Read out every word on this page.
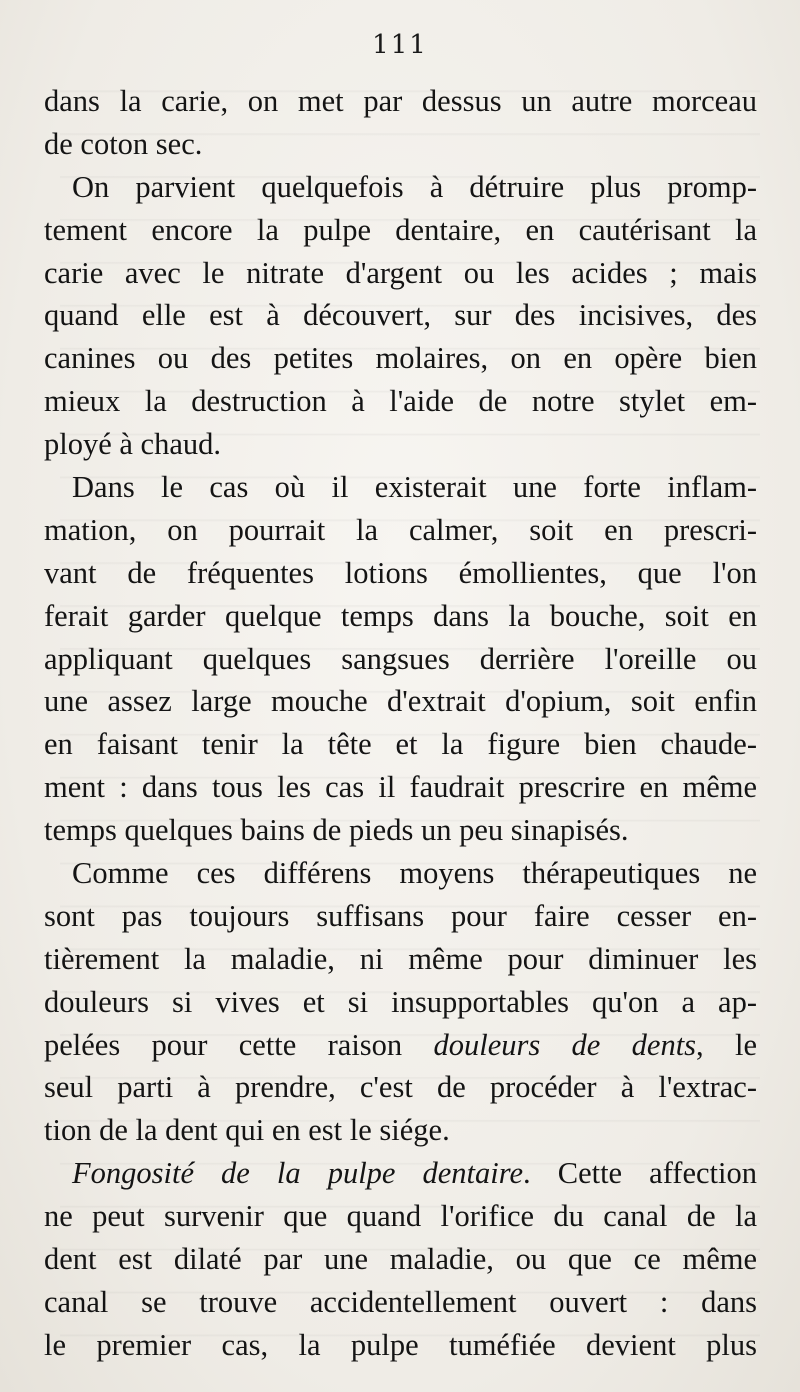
111
dans la carie, on met par dessus un autre morceau
de coton sec.
On parvient quelquefois à détruire plus promp-
tement encore la pulpe dentaire, en cautérisant la
carie avec le nitrate d'argent ou les acides ; mais
quand elle est à découvert, sur des incisives, des
canines ou des petites molaires, on en opère bien
mieux la destruction à l'aide de notre stylet em-
ployé à chaud.
Dans le cas où il existerait une forte inflam-
mation, on pourrait la calmer, soit en prescri-
vant de fréquentes lotions émollientes, que l'on
ferait garder quelque temps dans la bouche, soit en
appliquant quelques sangsues derrière l'oreille ou
une assez large mouche d'extrait d'opium, soit enfin
en faisant tenir la tête et la figure bien chaude-
ment : dans tous les cas il faudrait prescrire en même
temps quelques bains de pieds un peu sinapisés.
Comme ces différens moyens thérapeutiques ne
sont pas toujours suffisans pour faire cesser en-
tièrement la maladie, ni même pour diminuer les
douleurs si vives et si insupportables qu'on a ap-
pelées pour cette raison douleurs de dents, le
seul parti à prendre, c'est de procéder à l'extrac-
tion de la dent qui en est le siége.
Fongosité de la pulpe dentaire. Cette affection
ne peut survenir que quand l'orifice du canal de la
dent est dilaté par une maladie, ou que ce même
canal se trouve accidentellement ouvert : dans
le premier cas, la pulpe tuméfiée devient plus
